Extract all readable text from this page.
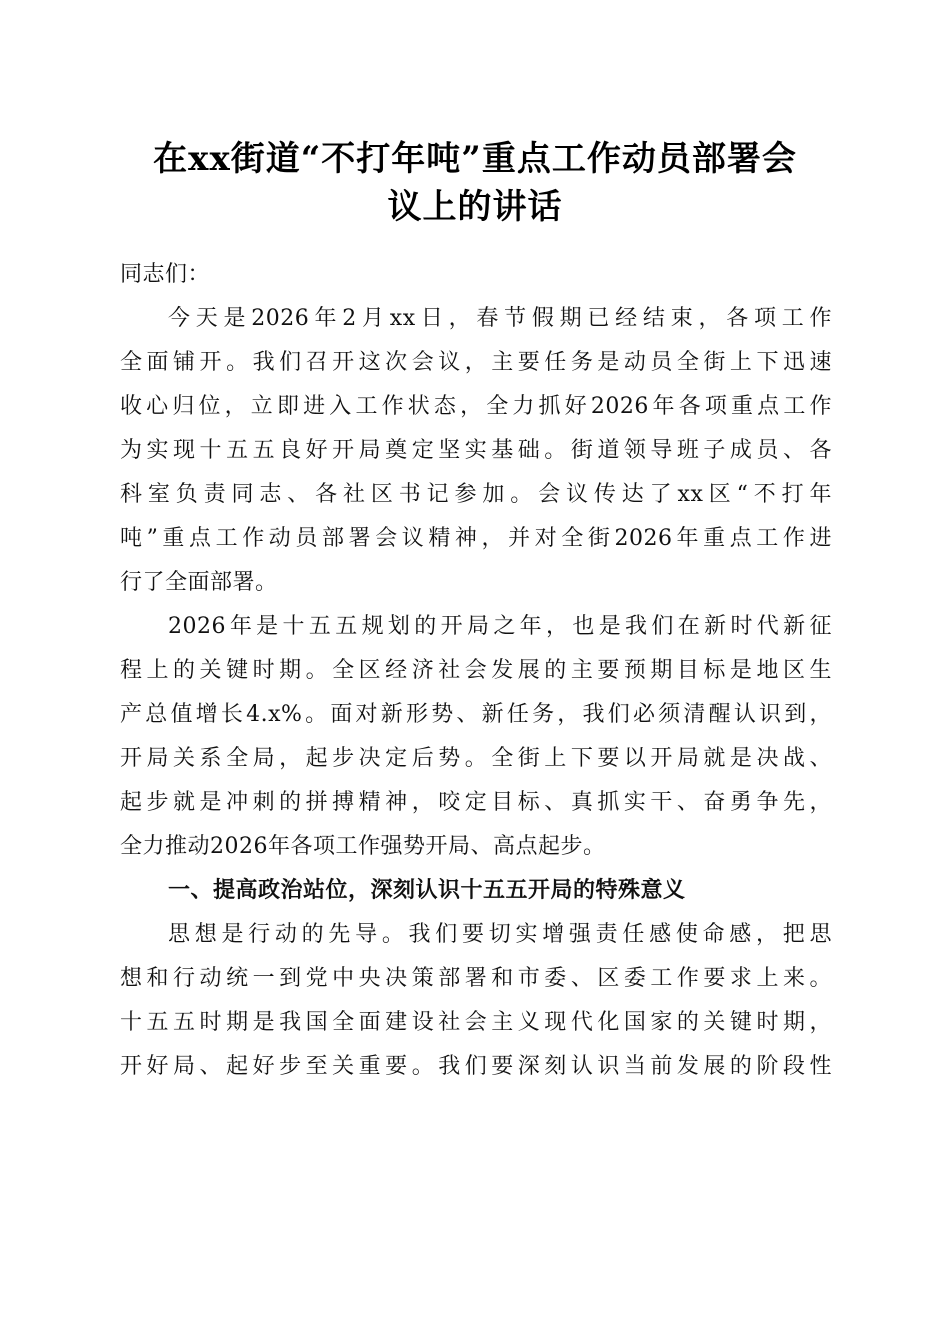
在xx街道“不打年吨”重点工作动员部署会
议上的讲话
同志们：
今天是2026年2月xx日，春节假期已经结束，各项工作
全面铺开。我们召开这次会议，主要任务是动员全街上下迅速
收心归位，立即进入工作状态，全力抓好2026年各项重点工作
为实现十五五良好开局奠定坚实基础。街道领导班子成员、各
科室负责同志、各社区书记参加。会议传达了xx区“不打年
吨”重点工作动员部署会议精神，并对全街2026年重点工作进
行了全面部署。
2026年是十五五规划的开局之年，也是我们在新时代新征
程上的关键时期。全区经济社会发展的主要预期目标是地区生
产总值增长4.x%。面对新形势、新任务，我们必须清醒认识到，
开局关系全局，起步决定后势。全街上下要以开局就是决战、
起步就是冲刺的拼搏精神，咬定目标、真抓实干、奋勇争先，
全力推动2026年各项工作强势开局、高点起步。
一、提高政治站位，深刻认识十五五开局的特殊意义
思想是行动的先导。我们要切实增强责任感使命感，把思
想和行动统一到党中央决策部署和市委、区委工作要求上来。
十五五时期是我国全面建设社会主义现代化国家的关键时期，
开好局、起好步至关重要。我们要深刻认识当前发展的阶段性
